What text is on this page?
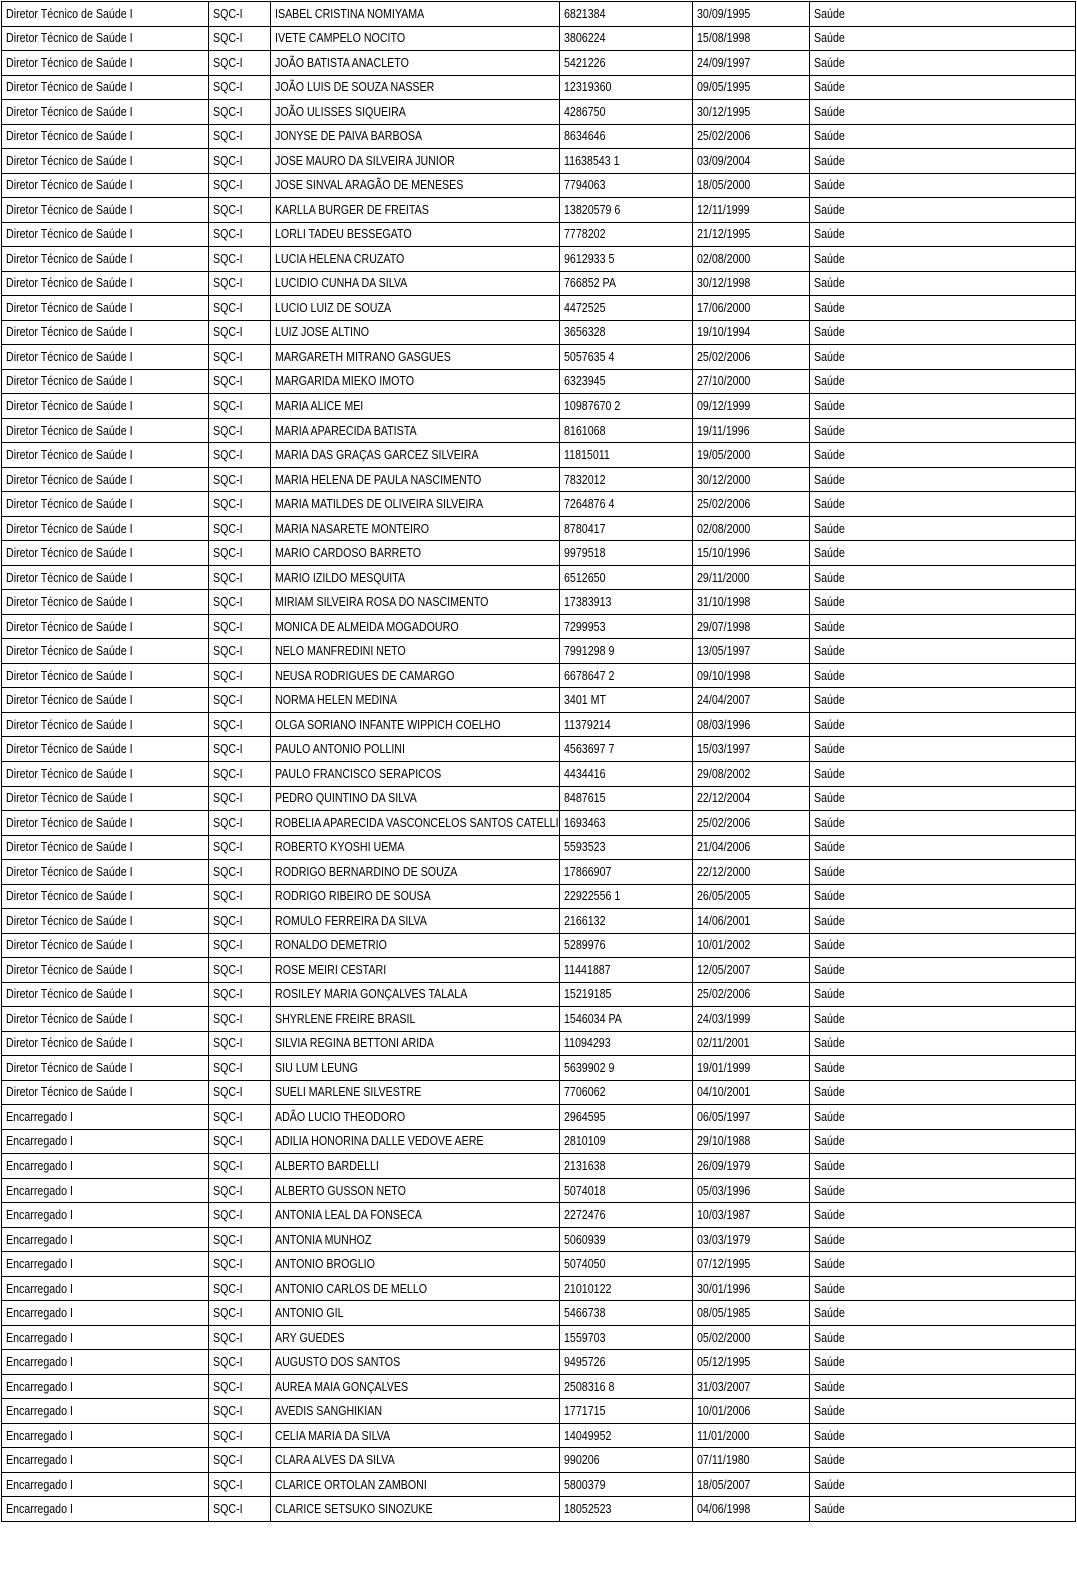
Diretor Técnico de Saúde I	SQC-I	ISABEL CRISTINA NOMIYAMA	6821384	30/09/1995	Saúde
Diretor Técnico de Saúde I	SQC-I	IVETE CAMPELO NOCITO	3806224	15/08/1998	Saúde
Diretor Técnico de Saúde I	SQC-I	JOÃO BATISTA ANACLETO	5421226	24/09/1997	Saúde
Diretor Técnico de Saúde I	SQC-I	JOÃO LUIS DE SOUZA NASSER	12319360	09/05/1995	Saúde
Diretor Técnico de Saúde I	SQC-I	JOÃO ULISSES SIQUEIRA	4286750	30/12/1995	Saúde
Diretor Técnico de Saúde I	SQC-I	JONYSE DE PAIVA BARBOSA	8634646	25/02/2006	Saúde
Diretor Técnico de Saúde I	SQC-I	JOSE MAURO DA SILVEIRA JUNIOR	11638543 1	03/09/2004	Saúde
Diretor Técnico de Saúde I	SQC-I	JOSE SINVAL ARAGÃO DE MENESES	7794063	18/05/2000	Saúde
Diretor Técnico de Saúde I	SQC-I	KARLLA BURGER DE FREITAS	13820579 6	12/11/1999	Saúde
Diretor Técnico de Saúde I	SQC-I	LORLI TADEU BESSEGATO	7778202	21/12/1995	Saúde
Diretor Técnico de Saúde I	SQC-I	LUCIA HELENA CRUZATO	9612933 5	02/08/2000	Saúde
Diretor Técnico de Saúde I	SQC-I	LUCIDIO CUNHA DA SILVA	766852 PA	30/12/1998	Saúde
Diretor Técnico de Saúde I	SQC-I	LUCIO LUIZ DE SOUZA	4472525	17/06/2000	Saúde
Diretor Técnico de Saúde I	SQC-I	LUIZ JOSE ALTINO	3656328	19/10/1994	Saúde
Diretor Técnico de Saúde I	SQC-I	MARGARETH MITRANO GASGUES	5057635 4	25/02/2006	Saúde
Diretor Técnico de Saúde I	SQC-I	MARGARIDA MIEKO IMOTO	6323945	27/10/2000	Saúde
Diretor Técnico de Saúde I	SQC-I	MARIA ALICE MEI	10987670 2	09/12/1999	Saúde
Diretor Técnico de Saúde I	SQC-I	MARIA APARECIDA BATISTA	8161068	19/11/1996	Saúde
Diretor Técnico de Saúde I	SQC-I	MARIA DAS GRAÇAS GARCEZ SILVEIRA	11815011	19/05/2000	Saúde
Diretor Técnico de Saúde I	SQC-I	MARIA HELENA DE PAULA NASCIMENTO	7832012	30/12/2000	Saúde
Diretor Técnico de Saúde I	SQC-I	MARIA MATILDES DE OLIVEIRA SILVEIRA	7264876 4	25/02/2006	Saúde
Diretor Técnico de Saúde I	SQC-I	MARIA NASARETE MONTEIRO	8780417	02/08/2000	Saúde
Diretor Técnico de Saúde I	SQC-I	MARIO CARDOSO BARRETO	9979518	15/10/1996	Saúde
Diretor Técnico de Saúde I	SQC-I	MARIO IZILDO MESQUITA	6512650	29/11/2000	Saúde
Diretor Técnico de Saúde I	SQC-I	MIRIAM SILVEIRA ROSA DO NASCIMENTO	17383913	31/10/1998	Saúde
Diretor Técnico de Saúde I	SQC-I	MONICA DE ALMEIDA MOGADOURO	7299953	29/07/1998	Saúde
Diretor Técnico de Saúde I	SQC-I	NELO MANFREDINI NETO	7991298 9	13/05/1997	Saúde
Diretor Técnico de Saúde I	SQC-I	NEUSA RODRIGUES DE CAMARGO	6678647 2	09/10/1998	Saúde
Diretor Técnico de Saúde I	SQC-I	NORMA HELEN MEDINA	3401 MT	24/04/2007	Saúde
Diretor Técnico de Saúde I	SQC-I	OLGA SORIANO INFANTE WIPPICH COELHO	11379214	08/03/1996	Saúde
Diretor Técnico de Saúde I	SQC-I	PAULO ANTONIO POLLINI	4563697 7	15/03/1997	Saúde
Diretor Técnico de Saúde I	SQC-I	PAULO FRANCISCO SERAPICOS	4434416	29/08/2002	Saúde
Diretor Técnico de Saúde I	SQC-I	PEDRO QUINTINO DA SILVA	8487615	22/12/2004	Saúde
Diretor Técnico de Saúde I	SQC-I	ROBELIA APARECIDA VASCONCELOS SANTOS CATELLI	1693463	25/02/2006	Saúde
Diretor Técnico de Saúde I	SQC-I	ROBERTO KYOSHI UEMA	5593523	21/04/2006	Saúde
Diretor Técnico de Saúde I	SQC-I	RODRIGO BERNARDINO DE SOUZA	17866907	22/12/2000	Saúde
Diretor Técnico de Saúde I	SQC-I	RODRIGO RIBEIRO DE SOUSA	22922556 1	26/05/2005	Saúde
Diretor Técnico de Saúde I	SQC-I	ROMULO FERREIRA DA SILVA	2166132	14/06/2001	Saúde
Diretor Técnico de Saúde I	SQC-I	RONALDO DEMETRIO	5289976	10/01/2002	Saúde
Diretor Técnico de Saúde I	SQC-I	ROSE MEIRI CESTARI	11441887	12/05/2007	Saúde
Diretor Técnico de Saúde I	SQC-I	ROSILEY MARIA GONÇALVES TALALA	15219185	25/02/2006	Saúde
Diretor Técnico de Saúde I	SQC-I	SHYRLENE FREIRE BRASIL	1546034 PA	24/03/1999	Saúde
Diretor Técnico de Saúde I	SQC-I	SILVIA REGINA BETTONI ARIDA	11094293	02/11/2001	Saúde
Diretor Técnico de Saúde I	SQC-I	SIU LUM LEUNG	5639902 9	19/01/1999	Saúde
Diretor Técnico de Saúde I	SQC-I	SUELI MARLENE SILVESTRE	7706062	04/10/2001	Saúde
Encarregado I	SQC-I	ADÃO LUCIO THEODORO	2964595	06/05/1997	Saúde
Encarregado I	SQC-I	ADILIA HONORINA DALLE VEDOVE AERE	2810109	29/10/1988	Saúde
Encarregado I	SQC-I	ALBERTO BARDELLI	2131638	26/09/1979	Saúde
Encarregado I	SQC-I	ALBERTO GUSSON NETO	5074018	05/03/1996	Saúde
Encarregado I	SQC-I	ANTONIA LEAL DA FONSECA	2272476	10/03/1987	Saúde
Encarregado I	SQC-I	ANTONIA MUNHOZ	5060939	03/03/1979	Saúde
Encarregado I	SQC-I	ANTONIO BROGLIO	5074050	07/12/1995	Saúde
Encarregado I	SQC-I	ANTONIO CARLOS DE MELLO	21010122	30/01/1996	Saúde
Encarregado I	SQC-I	ANTONIO GIL	5466738	08/05/1985	Saúde
Encarregado I	SQC-I	ARY GUEDES	1559703	05/02/2000	Saúde
Encarregado I	SQC-I	AUGUSTO DOS SANTOS	9495726	05/12/1995	Saúde
Encarregado I	SQC-I	AUREA MAIA GONÇALVES	2508316 8	31/03/2007	Saúde
Encarregado I	SQC-I	AVEDIS SANGHIKIAN	1771715	10/01/2006	Saúde
Encarregado I	SQC-I	CELIA MARIA DA SILVA	14049952	11/01/2000	Saúde
Encarregado I	SQC-I	CLARA ALVES DA SILVA	990206	07/11/1980	Saúde
Encarregado I	SQC-I	CLARICE ORTOLAN ZAMBONI	5800379	18/05/2007	Saúde
Encarregado I	SQC-I	CLARICE SETSUKO SINOZUKE	18052523	04/06/1998	Saúde
